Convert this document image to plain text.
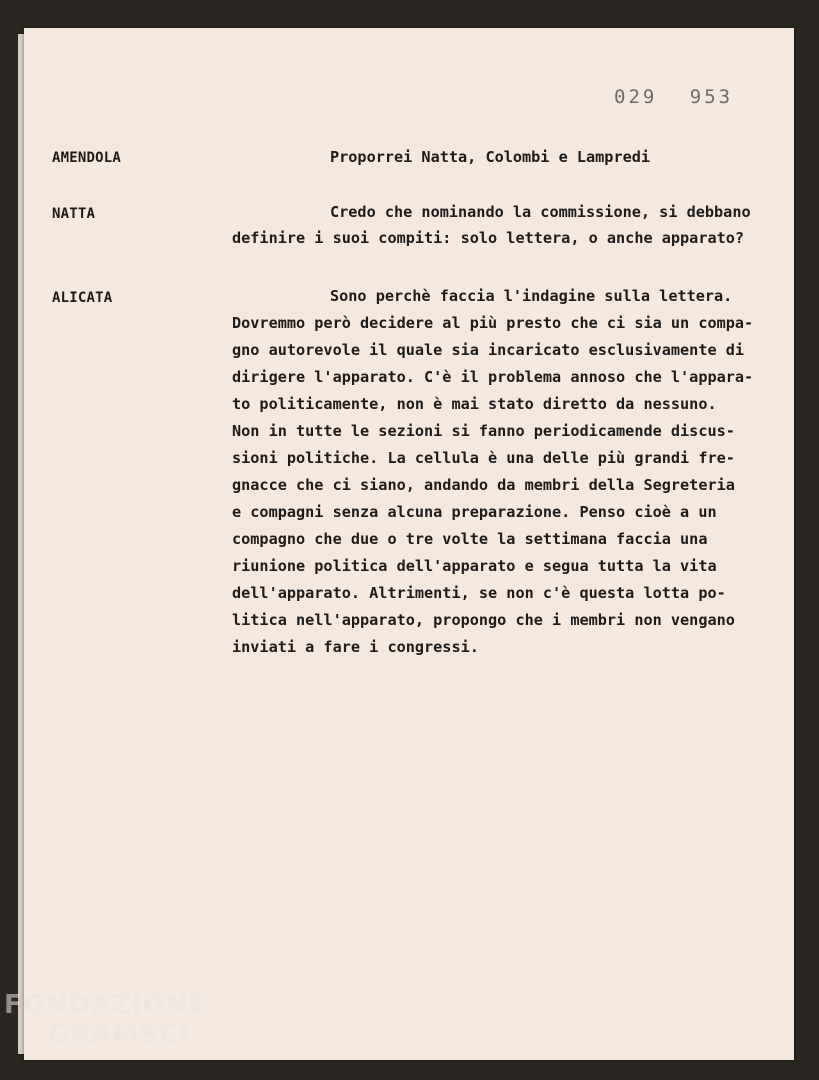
029 953
AMENDOLA	Proporrei Natta, Colombi e Lampredi
NATTA	Credo che nominando la commissione, si debbano
definire i suoi compiti: solo lettera, o anche apparato?
ALICATA	Sono perchè faccia l'indagine sulla lettera.
Dovremmo però decidere al più presto che ci sia un compa-
gno autorevole il quale sia incaricato esclusivamente di
dirigere l'apparato. C'è il problema annoso che l'appara-
to politicamente, non è mai stato diretto da nessuno.
Non in tutte le sezioni si fanno periodicamende discus-
sioni politiche. La cellula è una delle più grandi fre-
gnacce che ci siano, andando da membri della Segreteria
e compagni senza alcuna preparazione. Penso cioè a un
compagno che due o tre volte la settimana faccia una
riunione politica dell'apparato e segua tutta la vita
dell'apparato. Altrimenti, se non c'è questa lotta po-
litica nell'apparato, propongo che i membri non vengano
inviati a fare i congressi.
FONDAZIONE
GRAMSCI
